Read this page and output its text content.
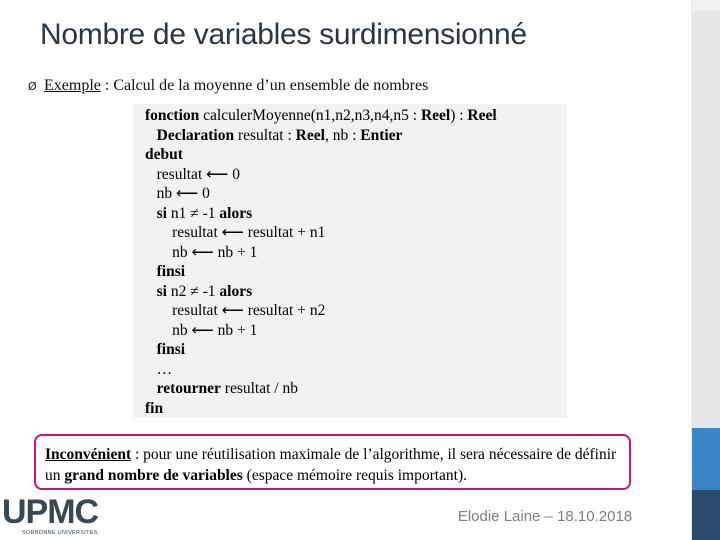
Nombre de variables surdimensionné
Ø Exemple : Calcul de la moyenne d’un ensemble de nombres
fonction calculerMoyenne(n1,n2,n3,n4,n5 : Reel) : Reel
Declaration resultat : Reel, nb : Entier
debut
resultat ⟵ 0
nb ⟵ 0
si n1 ≠ -1 alors
resultat ⟵ resultat + n1
nb ⟵ nb + 1
finsi
si n2 ≠ -1 alors
resultat ⟵ resultat + n2
nb ⟵ nb + 1
finsi
…
retourner resultat / nb
fin

Inconvénient : pour une réutilisation maximale de l’algorithme, il sera nécessaire de définir un grand nombre de variables (espace mémoire requis important).

UPMC
SORBONNE UNIVERSITÉS
Elodie Laine – 18.10.2018
